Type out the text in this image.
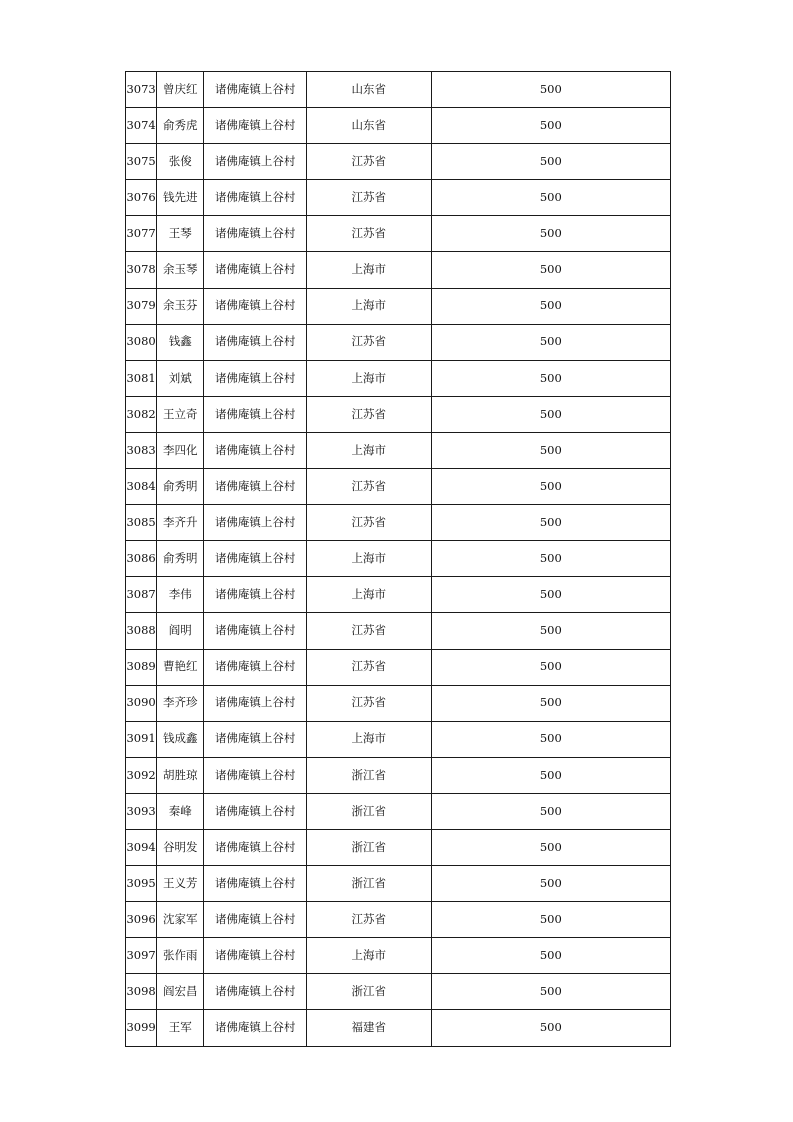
3073	曾庆红	诸佛庵镇上谷村	山东省	500
3074	俞秀虎	诸佛庵镇上谷村	山东省	500
3075	张俊	诸佛庵镇上谷村	江苏省	500
3076	钱先进	诸佛庵镇上谷村	江苏省	500
3077	王琴	诸佛庵镇上谷村	江苏省	500
3078	余玉琴	诸佛庵镇上谷村	上海市	500
3079	余玉芬	诸佛庵镇上谷村	上海市	500
3080	钱鑫	诸佛庵镇上谷村	江苏省	500
3081	刘斌	诸佛庵镇上谷村	上海市	500
3082	王立奇	诸佛庵镇上谷村	江苏省	500
3083	李四化	诸佛庵镇上谷村	上海市	500
3084	俞秀明	诸佛庵镇上谷村	江苏省	500
3085	李齐升	诸佛庵镇上谷村	江苏省	500
3086	俞秀明	诸佛庵镇上谷村	上海市	500
3087	李伟	诸佛庵镇上谷村	上海市	500
3088	阎明	诸佛庵镇上谷村	江苏省	500
3089	曹艳红	诸佛庵镇上谷村	江苏省	500
3090	李齐珍	诸佛庵镇上谷村	江苏省	500
3091	钱成鑫	诸佛庵镇上谷村	上海市	500
3092	胡胜琼	诸佛庵镇上谷村	浙江省	500
3093	秦峰	诸佛庵镇上谷村	浙江省	500
3094	谷明发	诸佛庵镇上谷村	浙江省	500
3095	王义芳	诸佛庵镇上谷村	浙江省	500
3096	沈家军	诸佛庵镇上谷村	江苏省	500
3097	张作雨	诸佛庵镇上谷村	上海市	500
3098	阎宏昌	诸佛庵镇上谷村	浙江省	500
3099	王军	诸佛庵镇上谷村	福建省	500
